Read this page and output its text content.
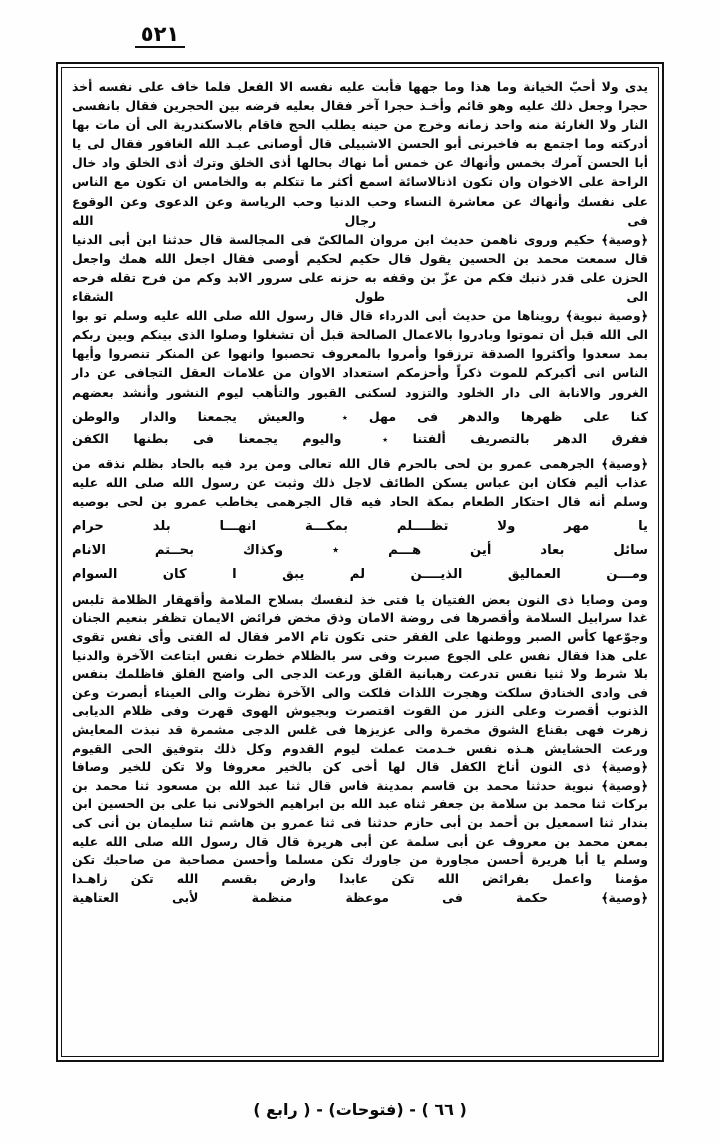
٥٢١

يدى ولا أحبّ الخيانة وما هذا وما جهها فأبت عليه نفسه الا الفعل فلما خاف على نفسه أخذ حجرا وجعل ذلك عليه وهو قائم وأخـذ حجرا آخر فقال بعليه فرضه بين الحجرين فقال بانفسى النار ولا الغارئة منه واحد زمانه وخرج من حينه يطلب الحج فاقام بالاسكندرية الى أن مات بها أدركته وما اجتمع به فاخبرنى أبو الحسن الاشبيلى قال أوصانى عبـد الله الغافور فقال لى يا أبا الحسن آمرك بخمس وأنهاك عن خمس أما نهاك بحالها أذى الخلق وترك أذى الخلق واد خال الراحة على الاخوان وان تكون اذنالاسائة اسمع أكثر ما تتكلم به والخامس ان تكون مع الناس على نفسك وأنهاك عن معاشرة النساء وحب الدنيا وحب الرياسة وعن الدعوى وعن الوقوع فى رجال الله

﴿وصية﴾ حكيم وروى ناهمن حديث ابن مروان المالكىّ فى المجالسة قال حدثنا ابن أبى الدنيا قال سمعت محمد بن الحسين يقول قال حكيم لحكيم أوصى فقال اجعل الله همك واجعل الحزن على قدر ذنبك فكم من عزّ بن وقفه به حزنه على سرور الابد وكم من فرح تقله فرحه الى طول الشقاء

﴿وصية نبوية﴾ رويناها من حديث أبى الدرداء قال قال رسول الله صلى الله عليه وسلم تو بوا الى الله قبل أن تموتوا وبادروا بالاعمال الصالحة قبل أن تشغلوا وصلوا الذى بينكم وبين ربكم بمد سعدوا وأكثروا الصدقة ترزقوا وأمروا بالمعروف تحصبوا وانهوا عن المنكر تنصروا وأيها الناس انى أكبركم للموت ذكراً وأحزمكم استعداد الاوان من علامات العقل التجافى عن دار الغرور والانابة الى دار الخلود والتزود لسكنى القبور والتأهب ليوم النشور وأنشد بعضهم

كنا على ظهرها والدهر فى مهل ٭ والعيش يجمعنا والدار والوطن
ففرق الدهر بالتصريف ألفتنا ٭ واليوم يجمعنا فى بطنها الكفن

﴿وصية﴾ الجرهمى عمرو بن لحى بالحرم قال الله تعالى ومن يرد فيه بالحاد بظلم نذقه من عذاب أليم فكان ابن عباس يسكن الطائف لاجل ذلك وثبت عن رسول الله صلى الله عليه وسلم أنه قال احتكار الطعام بمكة الحاد فيه قال الجرهمى يخاطب عمرو بن لحى بوصيه

يا مهر ولا تظــــلم بمكـــة انهـــا بلد حرام
سائل بعاد أين هـــم ٭ وكذاك بحــتم الانام
ومـــن العماليق الذيــــن لم يبق ا كان السوام

ومن وصايا ذى النون بعض الفتيان يا فتى خذ لنفسك بسلاح الملامة وأقهقار الظلامة تلبس غدا سرابيل السلامة وأقصرها فى روضة الامان وذق مخض فرائض الايمان تظفر بنعيم الجنان وجوّعها كأس الصبر ووطنها على الفقر حتى تكون تام الامر فقال له الفتى وأى نفس تقوى على هذا فقال نفس على الجوع صبرت وفى سر بالظلام خطرت نفس ابتاعت الآخرة والدنيا بلا شرط ولا ثنيا نفس تدرعت رهبانية القلق ورعت الدجى الى واضح الفلق فاظلمك بنفس فى وادى الخنادق سلكت وهجرت اللذات فلكت والى الآخرة نظرت والى العيناء أبصرت وعن الذنوب أقصرت وعلى النزر من القوت اقتصرت وبجيوش الهوى قهرت وفى ظلام الديابى زهرت فهى بقناع الشوق مخمرة والى عزيزها فى غلس الدجى مشمرة قد نبذت المعايش ورعت الحشايش هـذه نفس خـدمت عملت ليوم القدوم وكل ذلك بتوفيق الحى القيوم

﴿وصية﴾ ذى النون أناخ الكفل قال لها أخى كن بالخير معروفا ولا تكن للخير وصافا

﴿وصية﴾ نبوية حدثنا محمد بن قاسم بمدينة فاس قال ثنا عبد الله بن مسعود ثنا محمد بن بركات ثنا محمد بن سلامة بن جعفر ثناه عبد الله بن ابراهيم الخولانى نبا على بن الحسين ابن بندار ثنا اسمعيل بن أحمد بن أبى حازم حدثنا فى ثنا عمرو بن هاشم ثنا سليمان بن أنى كى بمعن محمد بن معروف عن أبى سلمة عن أبى هريرة قال قال رسول الله صلى الله عليه وسلم يا أبا هريرة أحسن مجاورة من جاورك تكن مسلما وأحسن مصاحبة من صاحبك تكن مؤمنا واعمل بفرائض الله تكن عابدا وارض بقسم الله تكن زاهـدا

﴿وصية﴾ حكمة فى موعظة منظمة لأبى العتاهية
( ٦٦ ) - (فتوحات) - ( رابع )
